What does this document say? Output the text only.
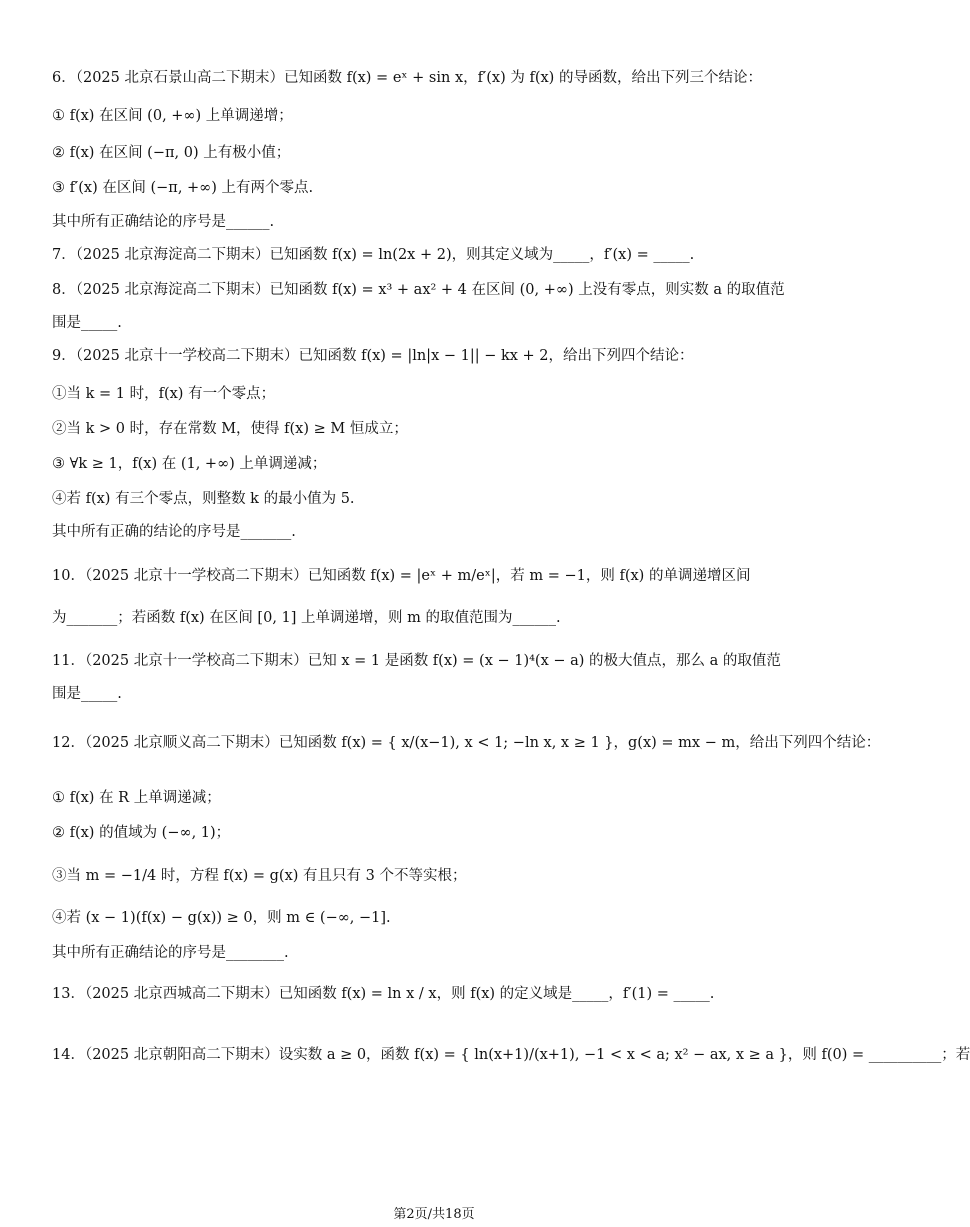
6．（2025 北京石景山高二下期末）已知函数 f(x) = eˣ + sin x，f′(x) 为 f(x) 的导函数，给出下列三个结论：
① f(x) 在区间 (0, +∞) 上单调递增；
② f(x) 在区间 (−π, 0) 上有极小值；
③ f′(x) 在区间 (−π, +∞) 上有两个零点.
其中所有正确结论的序号是______.
7．（2025 北京海淀高二下期末）已知函数 f(x) = ln(2x + 2)，则其定义域为_____，f′(x) = _____.
8．（2025 北京海淀高二下期末）已知函数 f(x) = x³ + ax² + 4 在区间 (0, +∞) 上没有零点，则实数 a 的取值范
围是_____.
9．（2025 北京十一学校高二下期末）已知函数 f(x) = |ln|x − 1|| − kx + 2，给出下列四个结论：
①当 k = 1 时，f(x) 有一个零点；
②当 k > 0 时，存在常数 M，使得 f(x) ≥ M 恒成立；
③ ∀k ≥ 1，f(x) 在 (1, +∞) 上单调递减；
④若 f(x) 有三个零点，则整数 k 的最小值为 5.
其中所有正确的结论的序号是_______.
10．（2025 北京十一学校高二下期末）已知函数 f(x) = |eˣ + m/eˣ|，若 m = −1，则 f(x) 的单调递增区间
为_______；若函数 f(x) 在区间 [0, 1] 上单调递增，则 m 的取值范围为______.
11．（2025 北京十一学校高二下期末）已知 x = 1 是函数 f(x) = (x − 1)⁴(x − a) 的极大值点，那么 a 的取值范
围是_____.
12．（2025 北京顺义高二下期末）已知函数 f(x) = { x/(x−1), x < 1; −ln x, x ≥ 1 }，g(x) = mx − m，给出下列四个结论：
① f(x) 在 R 上单调递减；
② f(x) 的值域为 (−∞, 1)；
③当 m = −1/4 时，方程 f(x) = g(x) 有且只有 3 个不等实根；
④若 (x − 1)(f(x) − g(x)) ≥ 0，则 m ∈ (−∞, −1].
其中所有正确结论的序号是________.
13．（2025 北京西城高二下期末）已知函数 f(x) = ln x / x，则 f(x) 的定义域是_____，f′(1) = _____.
14．（2025 北京朝阳高二下期末）设实数 a ≥ 0，函数 f(x) = { ln(x+1)/(x+1), −1 < x < a; x² − ax, x ≥ a }，则 f(0) = __________；若
第2页/共18页
